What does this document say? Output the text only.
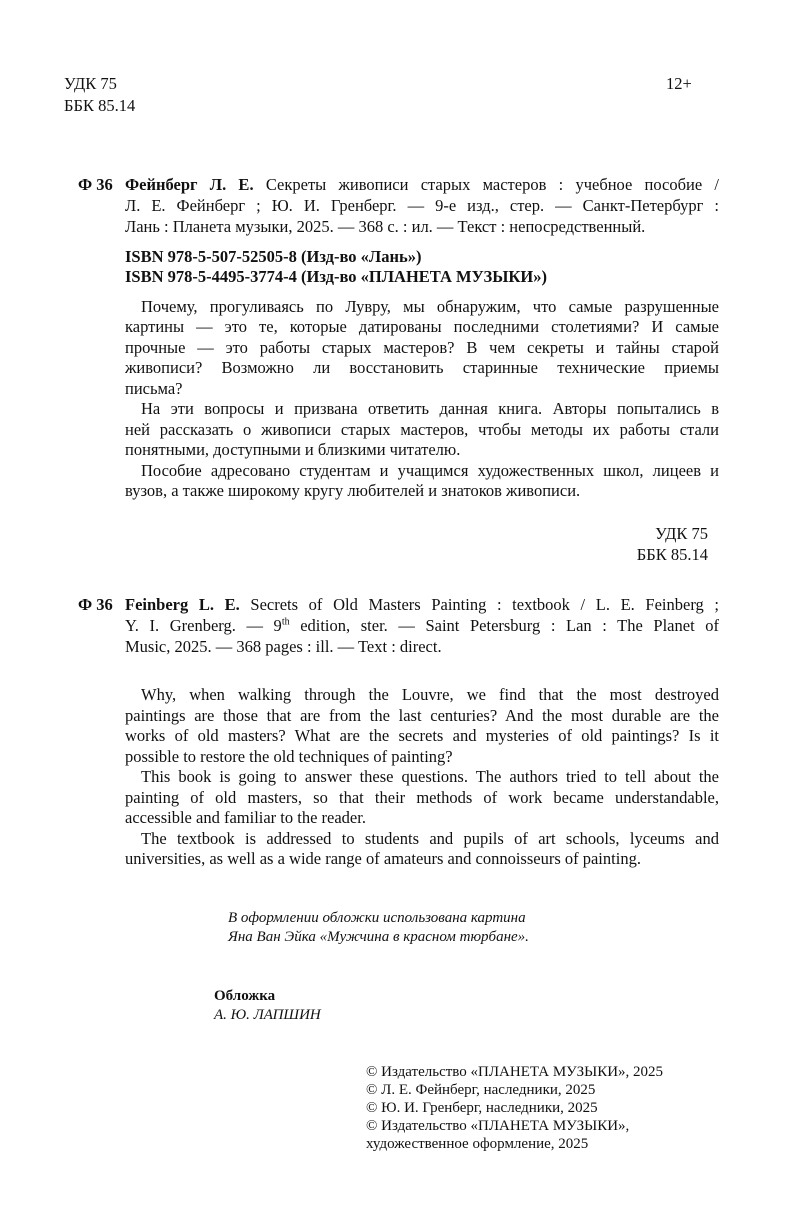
УДК 75
ББК 85.14
12+
Ф 36 Фейнберг Л. Е. Секреты живописи старых мастеров : учебное пособие /
Л. Е. Фейнберг ; Ю. И. Гренберг. — 9-е изд., стер. — Санкт-Петербург :
Лань : Планета музыки, 2025. — 368 с. : ил. — Текст : непосредственный.
ISBN 978-5-507-52505-8 (Изд-во «Лань»)
ISBN 978-5-4495-3774-4 (Изд-во «ПЛАНЕТА МУЗЫКИ»)
Почему, прогуливаясь по Лувру, мы обнаружим, что самые разрушенные
картины — это те, которые датированы последними столетиями? И самые
прочные — это работы старых мастеров? В чем секреты и тайны старой
живописи? Возможно ли восстановить старинные технические приемы
письма?
На эти вопросы и призвана ответить данная книга. Авторы попытались в
ней рассказать о живописи старых мастеров, чтобы методы их работы стали
понятными, доступными и близкими читателю.
Пособие адресовано студентам и учащимся художественных школ, лицеев и
вузов, а также широкому кругу любителей и знатоков живописи.
УДК 75
ББК 85.14
Ф 36 Feinberg L. E. Secrets of Old Masters Painting : textbook / L. E. Feinberg ;
Y. I. Grenberg. — 9th edition, ster. — Saint Petersburg : Lan : The Planet of
Music, 2025. — 368 pages : ill. — Text : direct.
Why, when walking through the Louvre, we find that the most destroyed
paintings are those that are from the last centuries? And the most durable are the
works of old masters? What are the secrets and mysteries of old paintings? Is it
possible to restore the old techniques of painting?
This book is going to answer these questions. The authors tried to tell about the
painting of old masters, so that their methods of work became understandable,
accessible and familiar to the reader.
The textbook is addressed to students and pupils of art schools, lyceums and
universities, as well as a wide range of amateurs and connoisseurs of painting.
В оформлении обложки использована картина
Яна Ван Эйка «Мужчина в красном тюрбане».
Обложка
А. Ю. ЛАПШИН
© Издательство «ПЛАНЕТА МУЗЫКИ», 2025
© Л. Е. Фейнберг, наследники, 2025
© Ю. И. Гренберг, наследники, 2025
© Издательство «ПЛАНЕТА МУЗЫКИ»,
художественное оформление, 2025
